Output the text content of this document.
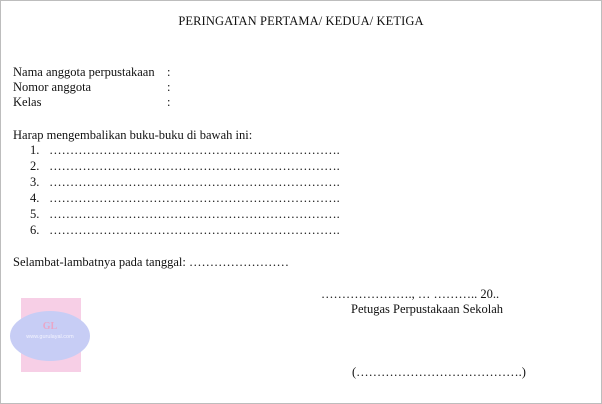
PERINGATAN PERTAMA/ KEDUA/ KETIGA
Nama anggota perpustakaan :
Nomor anggota	:
Kelas	:
Harap mengembalikan buku-buku di bawah ini:
1. …………………………………………………………….
2. …………………………………………………………….
3. …………………………………………………………….
4. …………………………………………………………….
5. …………………………………………………………….
6. …………………………………………………………….
Selambat-lambatnya pada tanggal: ……………………
GL
www.gurulayal.com
…………………., … ……….. 20..
Petugas Perpustakaan Sekolah
(………………………………….)
